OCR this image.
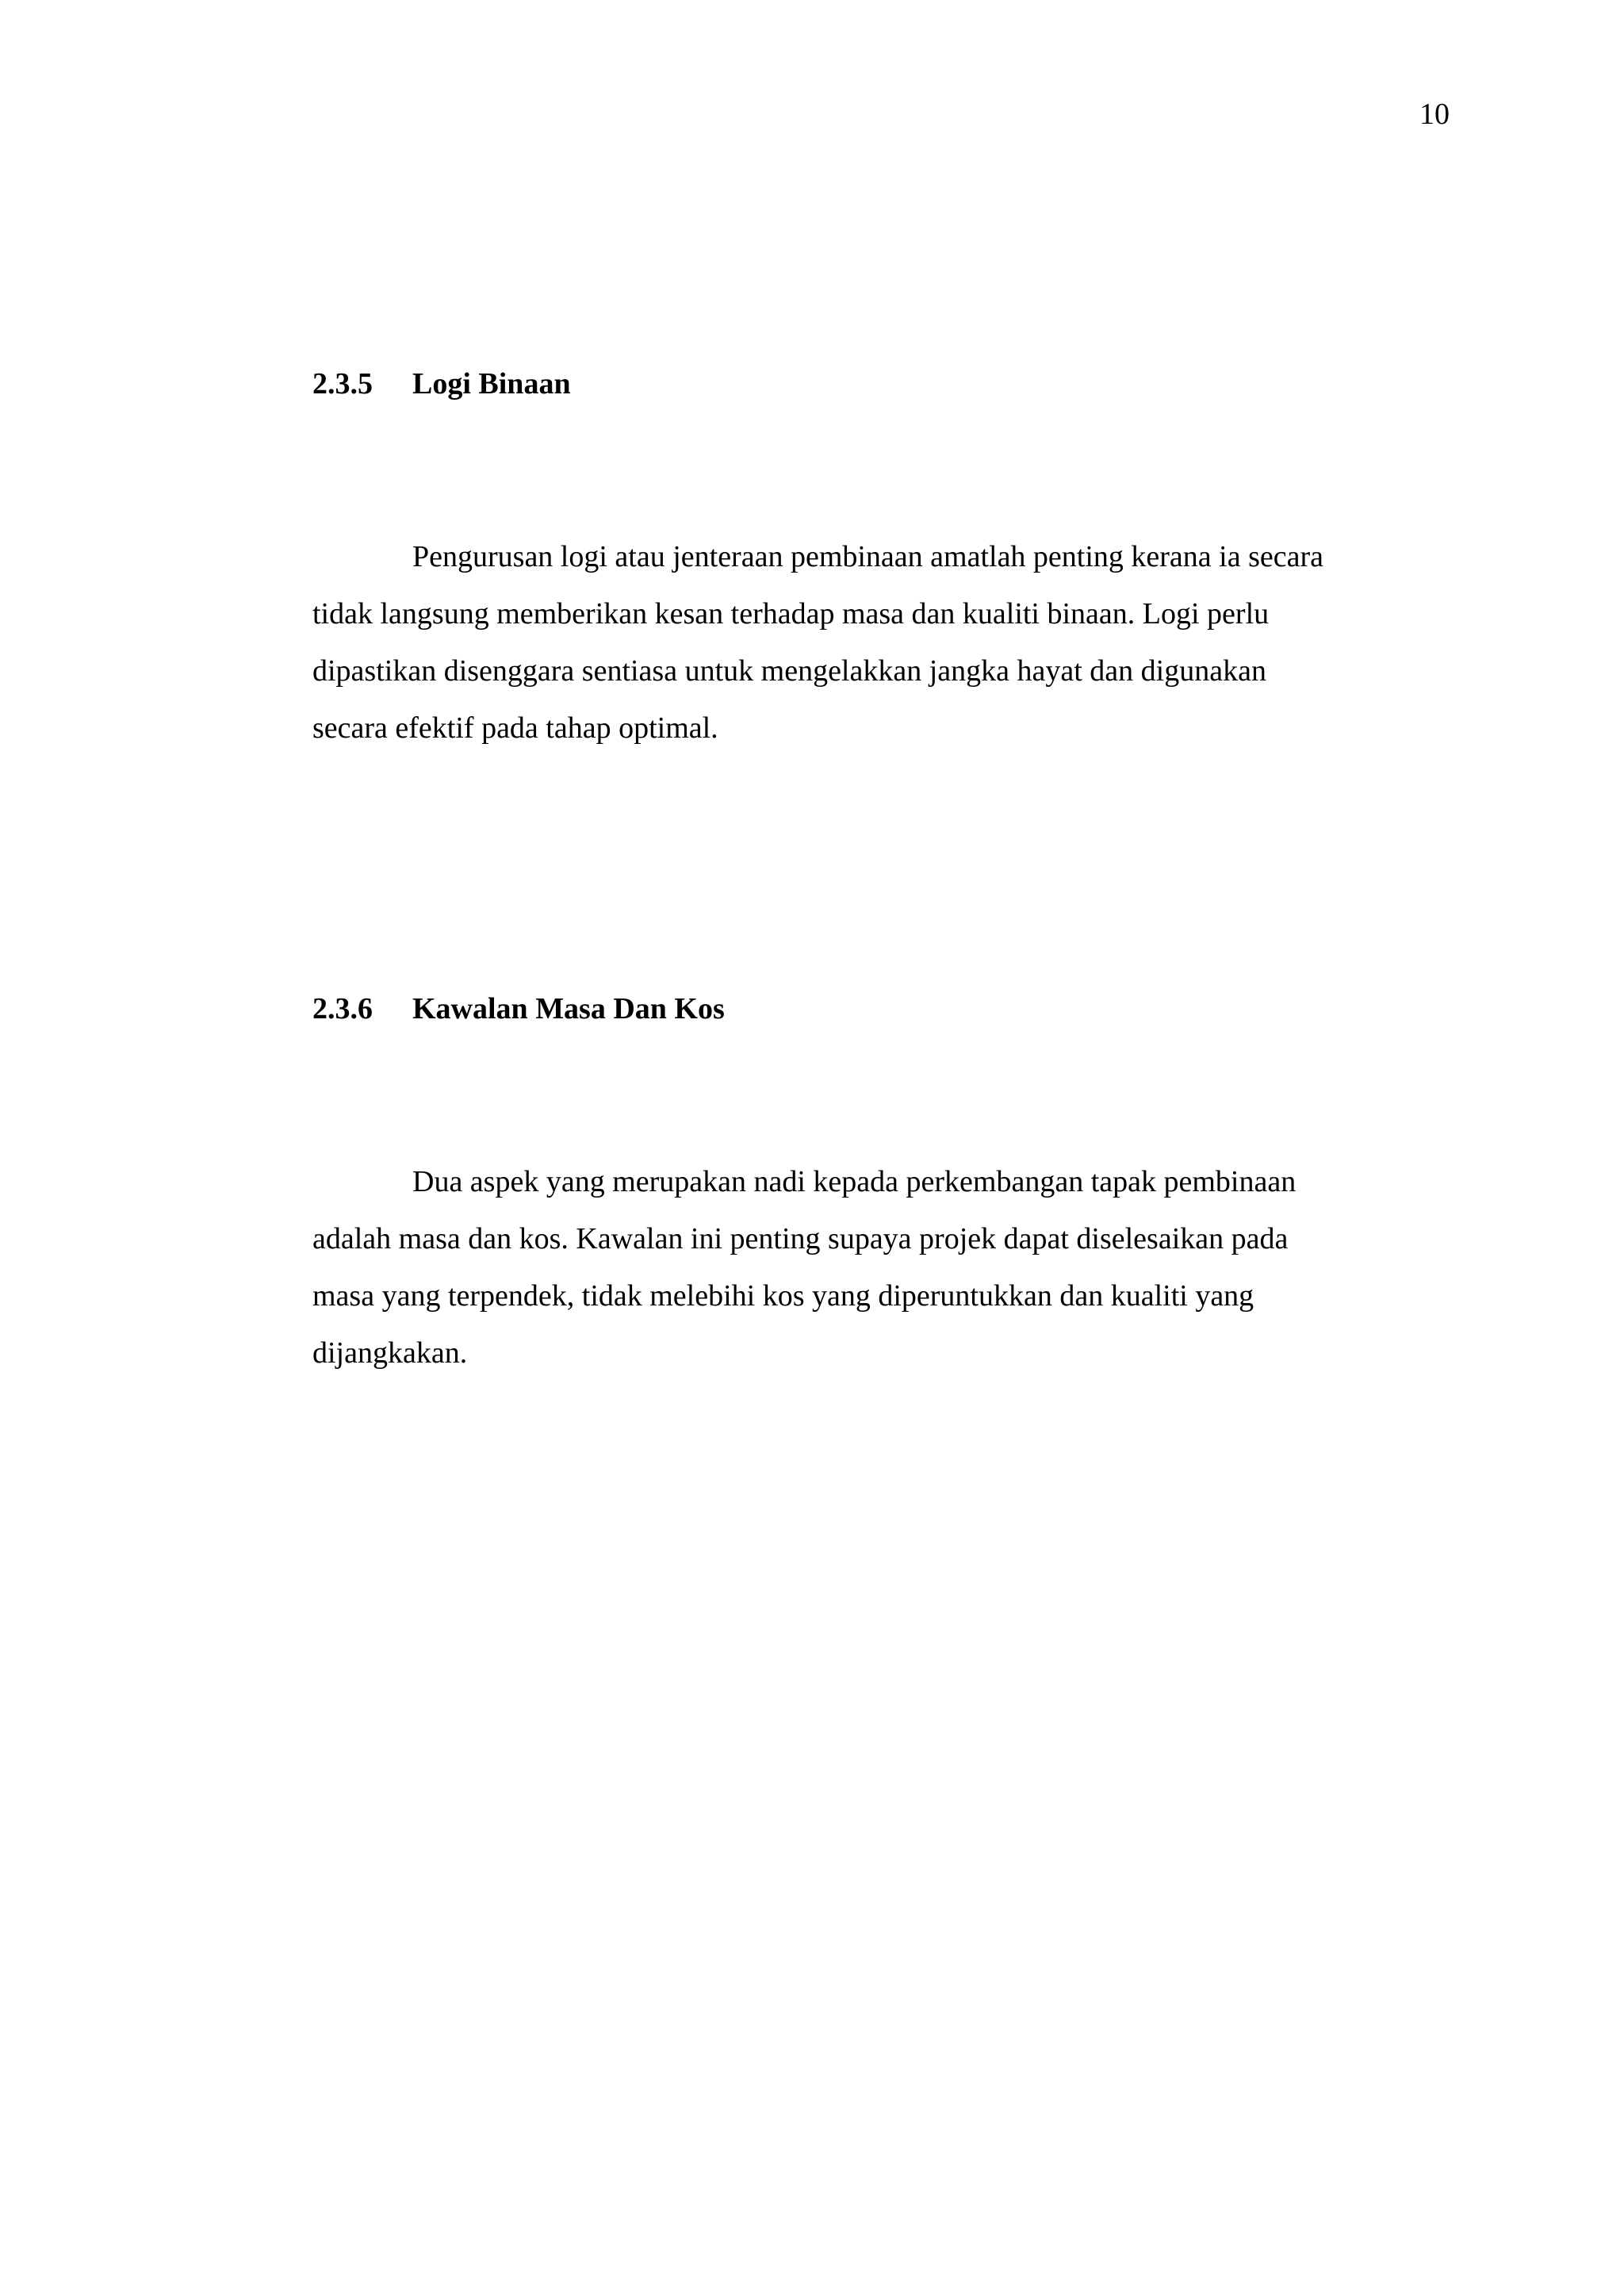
10
2.3.5 Logi Binaan
Pengurusan logi atau jenteraan pembinaan amatlah penting kerana ia secara
tidak langsung memberikan kesan terhadap masa dan kualiti binaan. Logi perlu
dipastikan disenggara sentiasa untuk mengelakkan jangka hayat dan digunakan
secara efektif pada tahap optimal.
2.3.6 Kawalan Masa Dan Kos
Dua aspek yang merupakan nadi kepada perkembangan tapak pembinaan
adalah masa dan kos. Kawalan ini penting supaya projek dapat diselesaikan pada
masa yang terpendek, tidak melebihi kos yang diperuntukkan dan kualiti yang
dijangkakan.
